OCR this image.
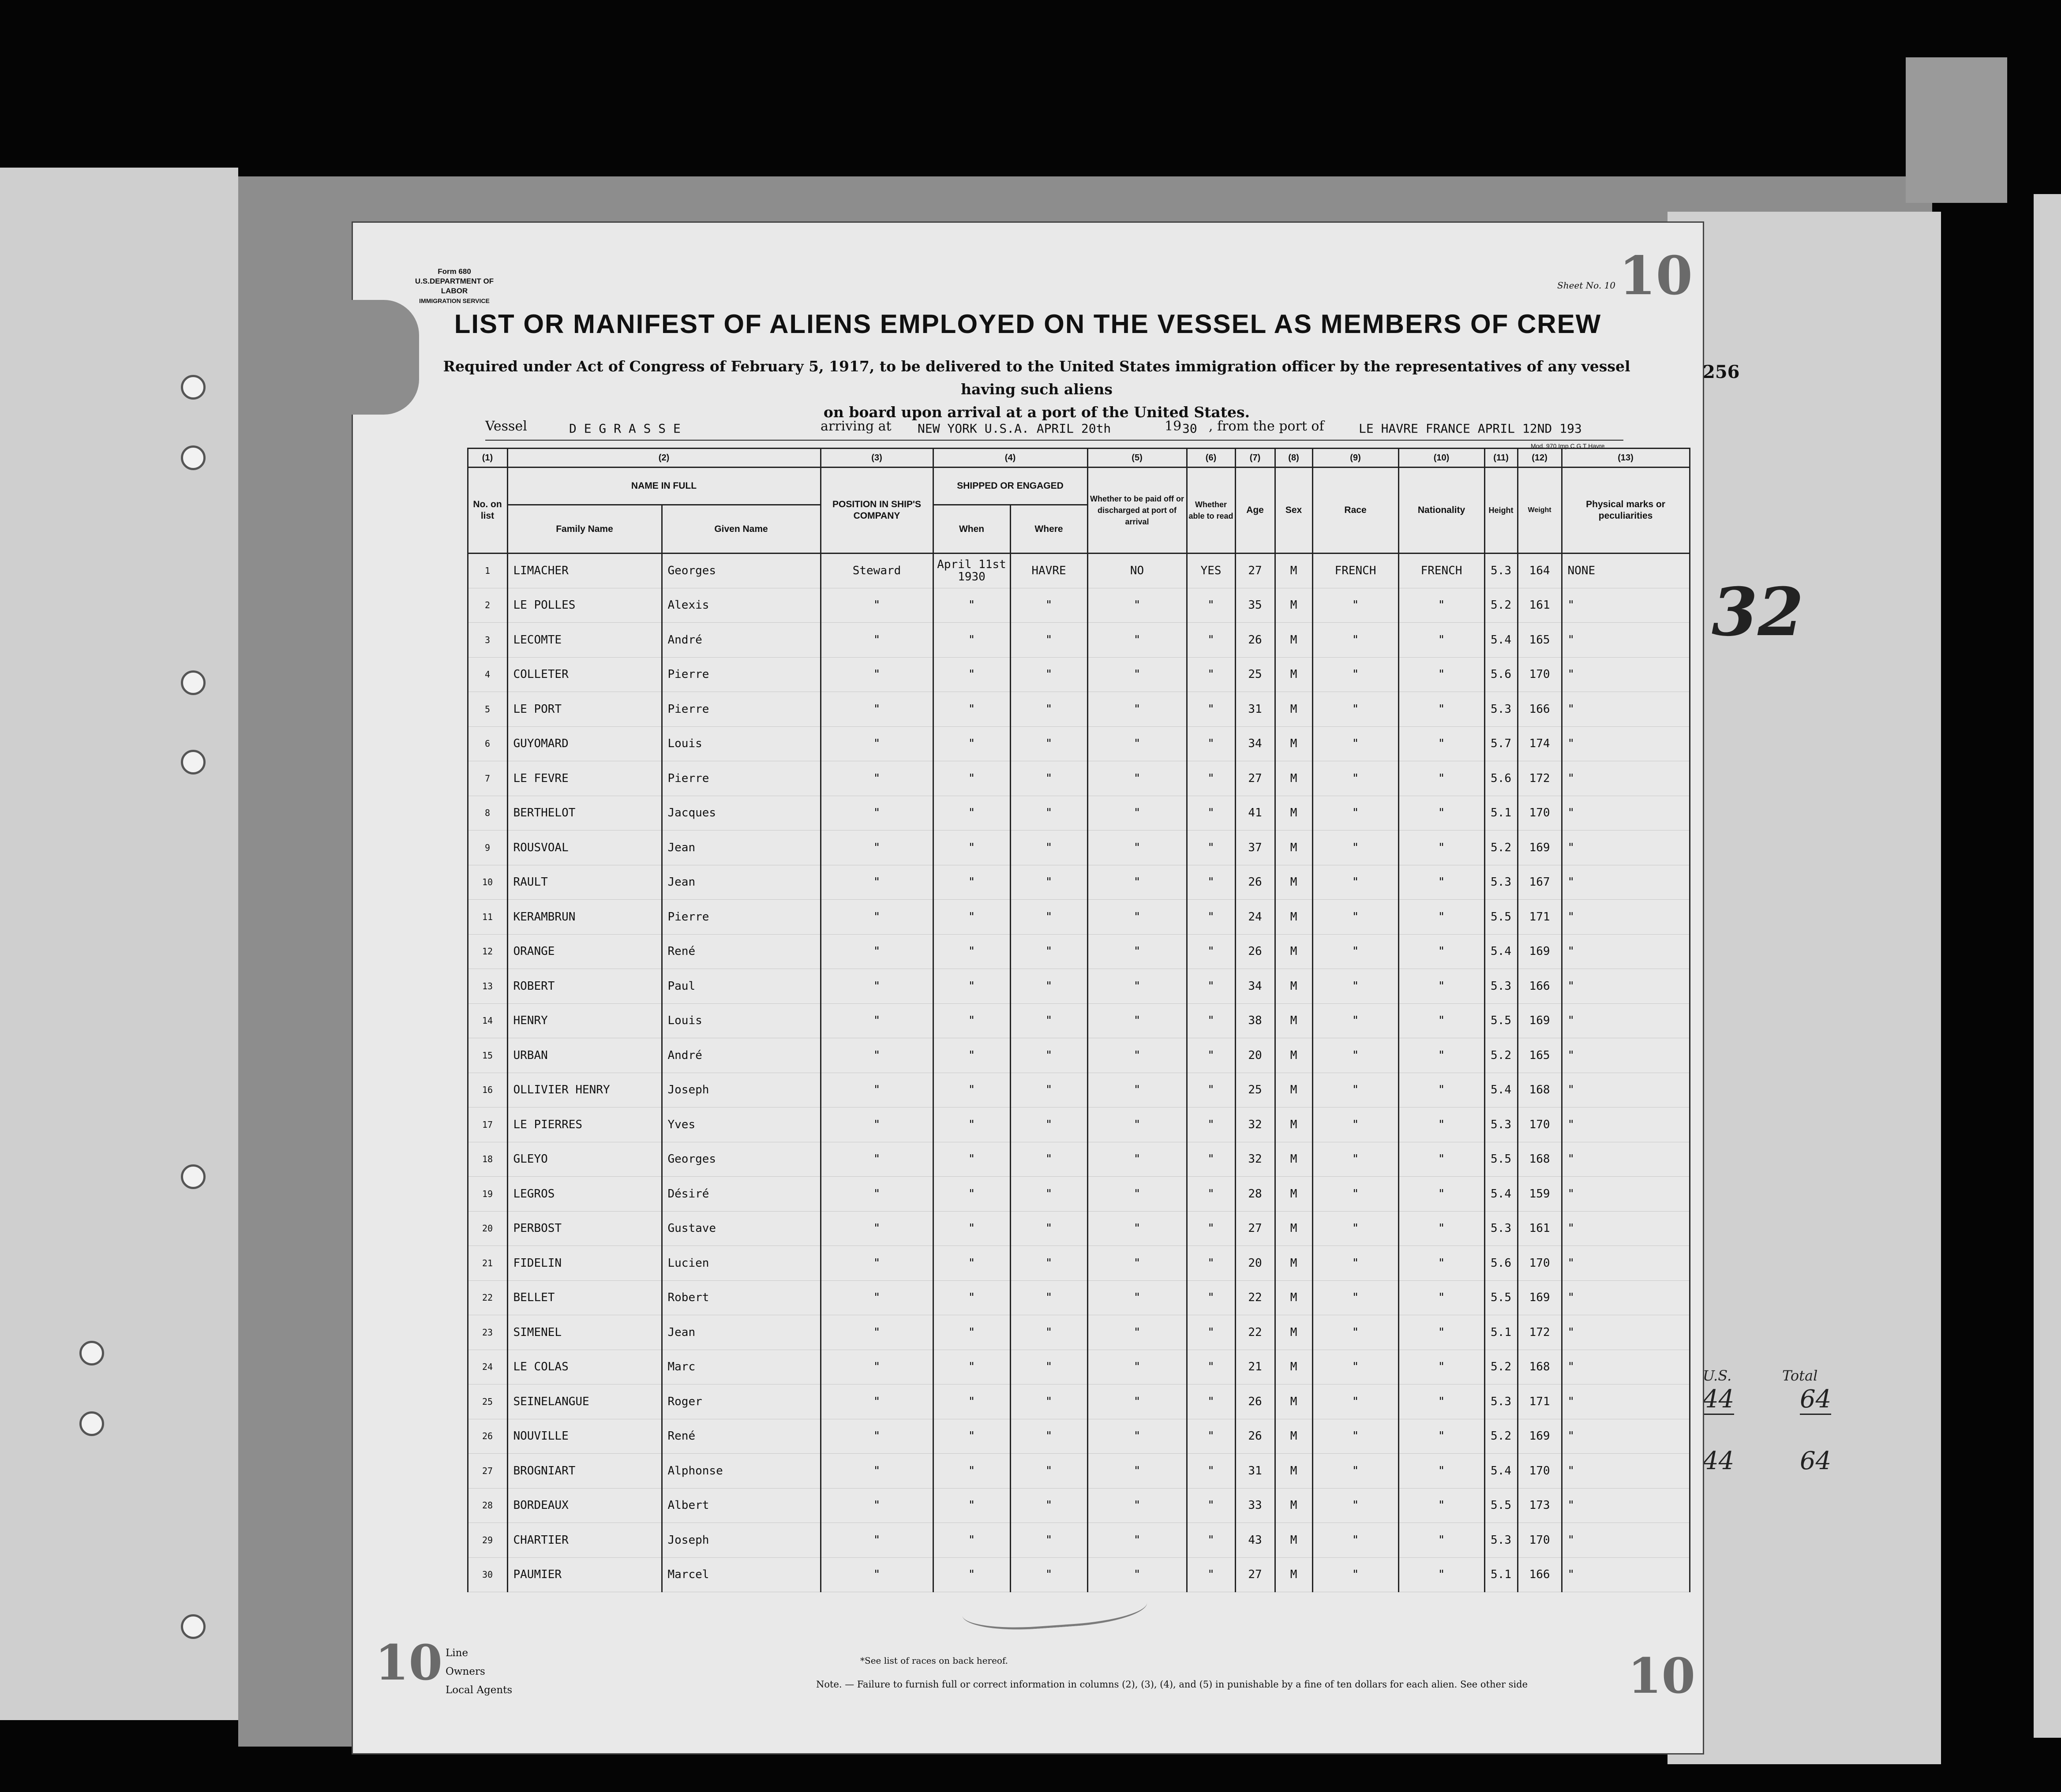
32
U.S.	Total
44	64
44	64
256
Form 680
U.S.DEPARTMENT OF LABOR
IMMIGRATION SERVICE
Sheet No. 10 10
LIST OR MANIFEST OF ALIENS EMPLOYED ON THE VESSEL AS MEMBERS OF CREW
Required under Act of Congress of February 5, 1917, to be delivered to the United States immigration officer by the representatives of any vessel having such aliens
on board upon arrival at a port of the United States.
Vessel	D E G R A S S E	arriving at NEW YORK U.S.A. APRIL 20th	19 30 , from the port of	LE HAVRE FRANCE APRIL 12ND 193
Mod. 970 Imp C G T Havre
	(1)	(2)		(3)	(4)		(5)	(6)	(7)	(8)	(9)	(10)	(11)	(12)	(13)
	No. on list	NAME IN FULL		POSITION IN SHIP'S COMPANY	SHIPPED OR ENGAGED		Whether to be paid off or discharged at port of arrival	Whether able to read	Age	Sex	Race	Nationality	Height	Weight	Physical marks or peculiarities
		Family Name	Given Name		When	Where									
	1	LIMACHER	Georges	Steward	April 11st 1930	HAVRE	NO	YES	27	M	FRENCH	FRENCH	5.3	164	NONE
	2	LE POLLES	Alexis	"	"	"	"	"	35	M	"	"	5.2	161	"
	3	LECOMTE	André	"	"	"	"	"	26	M	"	"	5.4	165	"
	4	COLLETER	Pierre	"	"	"	"	"	25	M	"	"	5.6	170	"
	5	LE PORT	Pierre	"	"	"	"	"	31	M	"	"	5.3	166	"
	6	GUYOMARD	Louis	"	"	"	"	"	34	M	"	"	5.7	174	"
	7	LE FEVRE	Pierre	"	"	"	"	"	27	M	"	"	5.6	172	"
	8	BERTHELOT	Jacques	"	"	"	"	"	41	M	"	"	5.1	170	"
	9	ROUSVOAL	Jean	"	"	"	"	"	37	M	"	"	5.2	169	"
	10	RAULT	Jean	"	"	"	"	"	26	M	"	"	5.3	167	"
	11	KERAMBRUN	Pierre	"	"	"	"	"	24	M	"	"	5.5	171	"
	12	ORANGE	René	"	"	"	"	"	26	M	"	"	5.4	169	"
	13	ROBERT	Paul	"	"	"	"	"	34	M	"	"	5.3	166	"
	14	HENRY	Louis	"	"	"	"	"	38	M	"	"	5.5	169	"
	15	URBAN	André	"	"	"	"	"	20	M	"	"	5.2	165	"
	16	OLLIVIER HENRY	Joseph	"	"	"	"	"	25	M	"	"	5.4	168	"
	17	LE PIERRES	Yves	"	"	"	"	"	32	M	"	"	5.3	170	"
	18	GLEYO	Georges	"	"	"	"	"	32	M	"	"	5.5	168	"
	19	LEGROS	Désiré	"	"	"	"	"	28	M	"	"	5.4	159	"
	20	PERBOST	Gustave	"	"	"	"	"	27	M	"	"	5.3	161	"
	21	FIDELIN	Lucien	"	"	"	"	"	20	M	"	"	5.6	170	"
	22	BELLET	Robert	"	"	"	"	"	22	M	"	"	5.5	169	"
	23	SIMENEL	Jean	"	"	"	"	"	22	M	"	"	5.1	172	"
	24	LE COLAS	Marc	"	"	"	"	"	21	M	"	"	5.2	168	"
	25	SEINELANGUE	Roger	"	"	"	"	"	26	M	"	"	5.3	171	"
	26	NOUVILLE	René	"	"	"	"	"	26	M	"	"	5.2	169	"
	27	BROGNIART	Alphonse	"	"	"	"	"	31	M	"	"	5.4	170	"
	28	BORDEAUX	Albert	"	"	"	"	"	33	M	"	"	5.5	173	"
	29	CHARTIER	Joseph	"	"	"	"	"	43	M	"	"	5.3	170	"
	30	PAUMIER	Marcel	"	"	"	"	"	27	M	"	"	5.1	166	"
10	10
Line
Owners
Local Agents
*See list of races on back hereof.
Note. — Failure to furnish full or correct information in columns (2), (3), (4), and (5) in punishable by a fine of ten dollars for each alien. See other side
